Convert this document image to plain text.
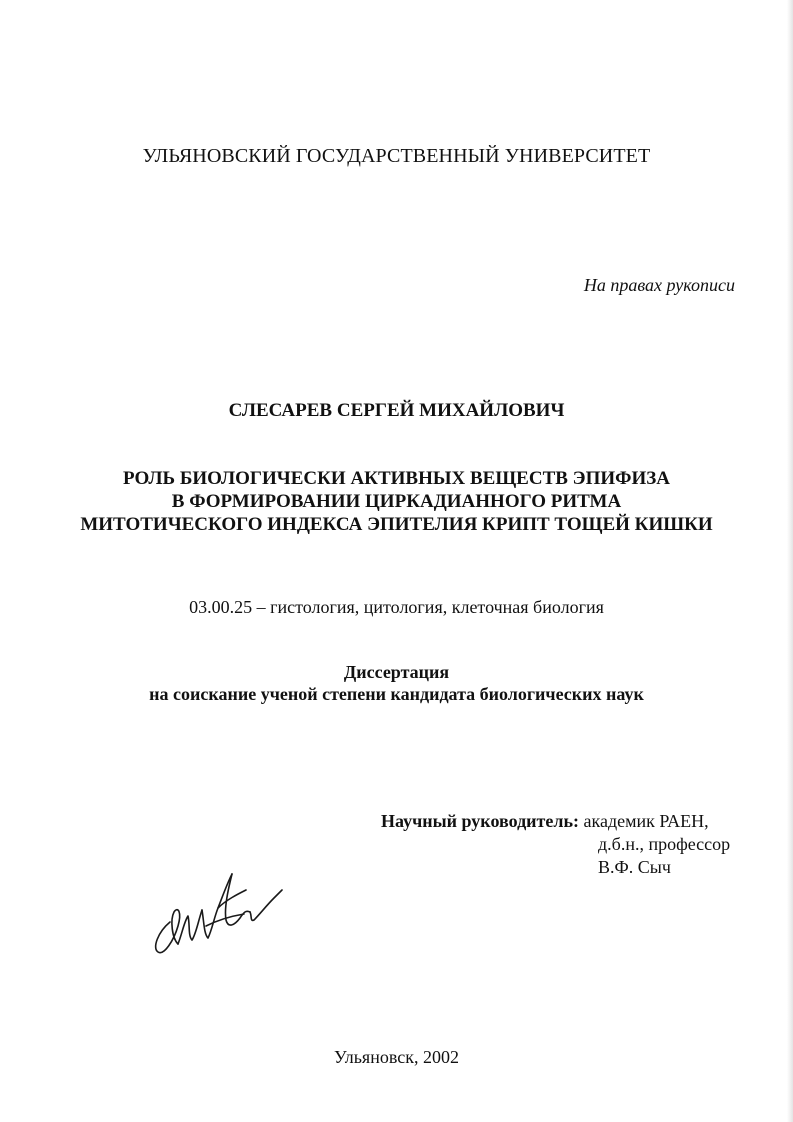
УЛЬЯНОВСКИЙ ГОСУДАРСТВЕННЫЙ УНИВЕРСИТЕТ
На правах рукописи
СЛЕСАРЕВ СЕРГЕЙ МИХАЙЛОВИЧ
РОЛЬ БИОЛОГИЧЕСКИ АКТИВНЫХ ВЕЩЕСТВ ЭПИФИЗА
В ФОРМИРОВАНИИ ЦИРКАДИАННОГО РИТМА
МИТОТИЧЕСКОГО ИНДЕКСА ЭПИТЕЛИЯ КРИПТ ТОЩЕЙ КИШКИ
03.00.25 – гистология, цитология, клеточная биология
Диссертация
на соискание ученой степени кандидата биологических наук
Научный руководитель: академик РАЕН,
д.б.н., профессор
В.Ф. Сыч
Ульяновск, 2002
